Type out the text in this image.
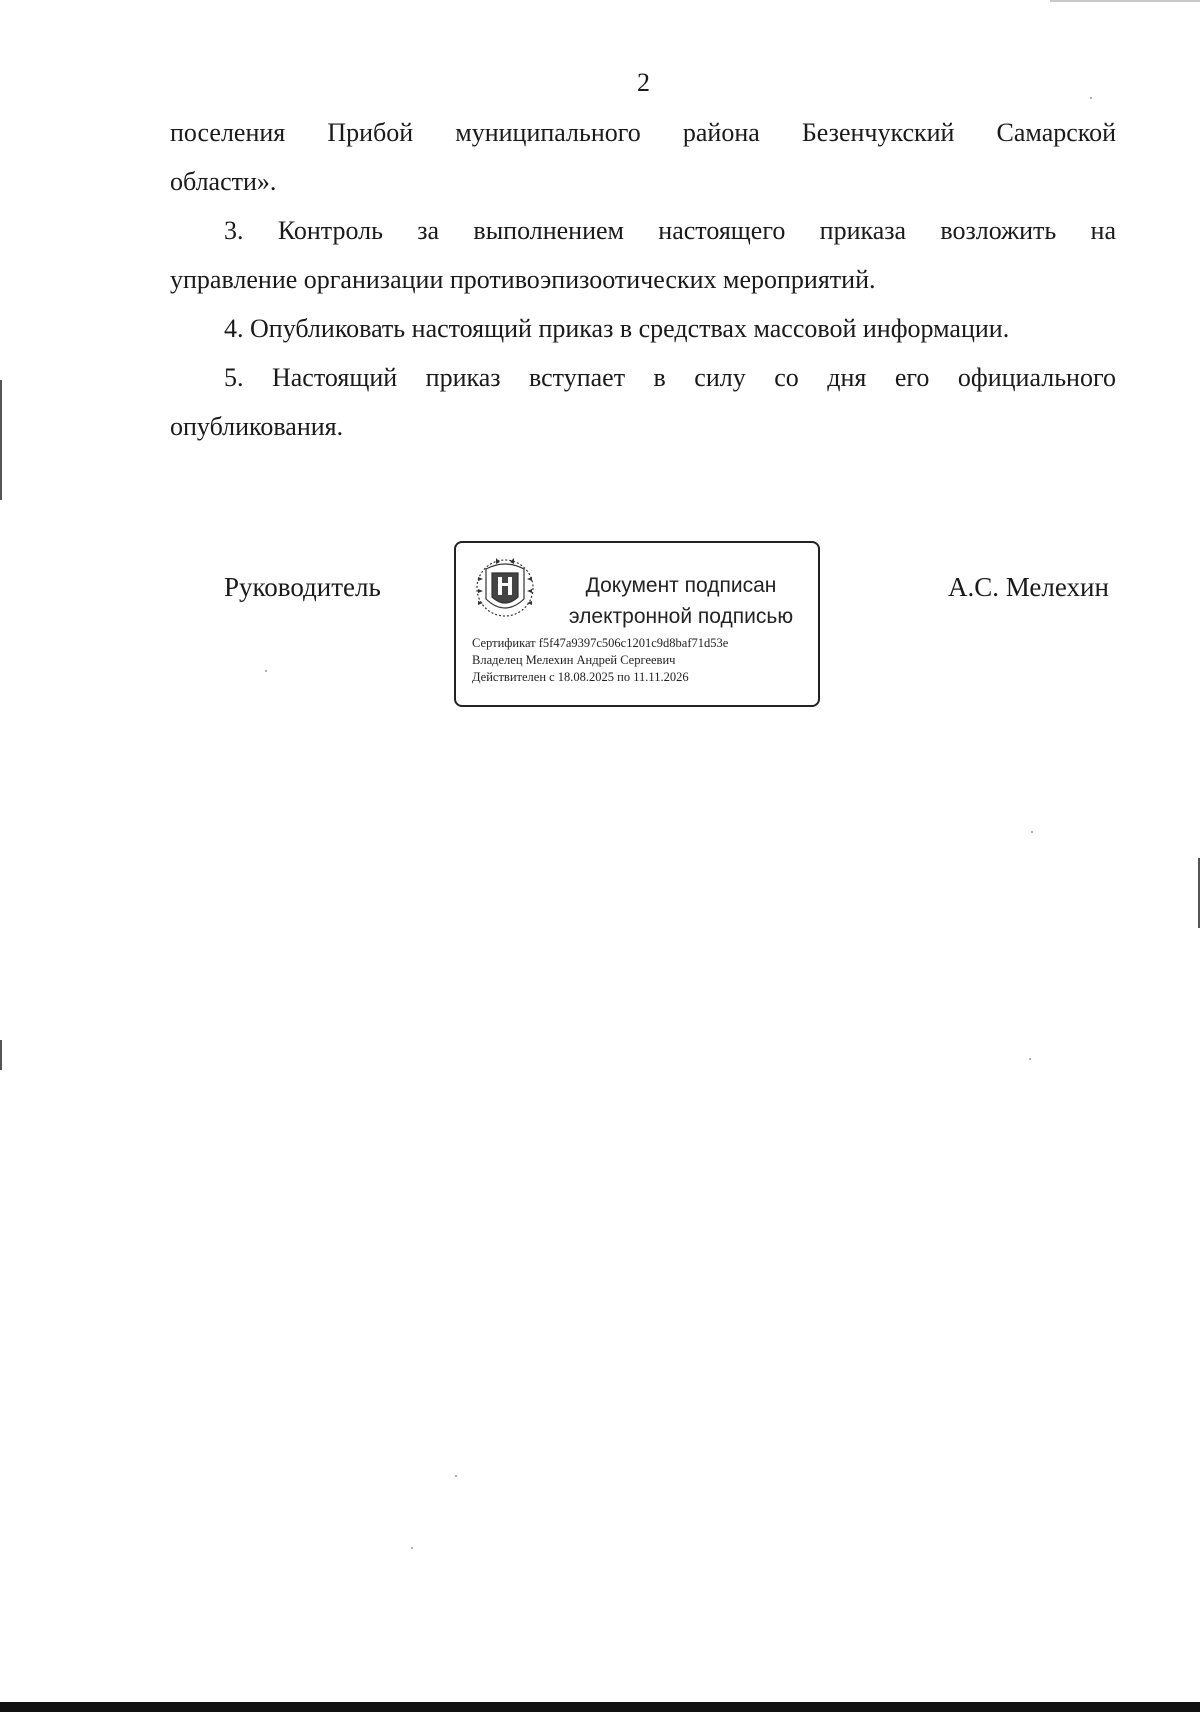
2
поселения Прибой муниципального района Безенчукский Самарской
области».
3. Контроль за выполнением настоящего приказа возложить на
управление организации противоэпизоотических мероприятий.
4. Опубликовать настоящий приказ в средствах массовой информации.
5. Настоящий приказ вступает в силу со дня его официального
опубликования.
Руководитель	Документ подписан
электронной подписью
Сертификат f5f47a9397c506c1201c9d8baf71d53e
Владелец Мелехин Андрей Сергеевич
Действителен с 18.08.2025 по 11.11.2026
А.С. Мелехин
